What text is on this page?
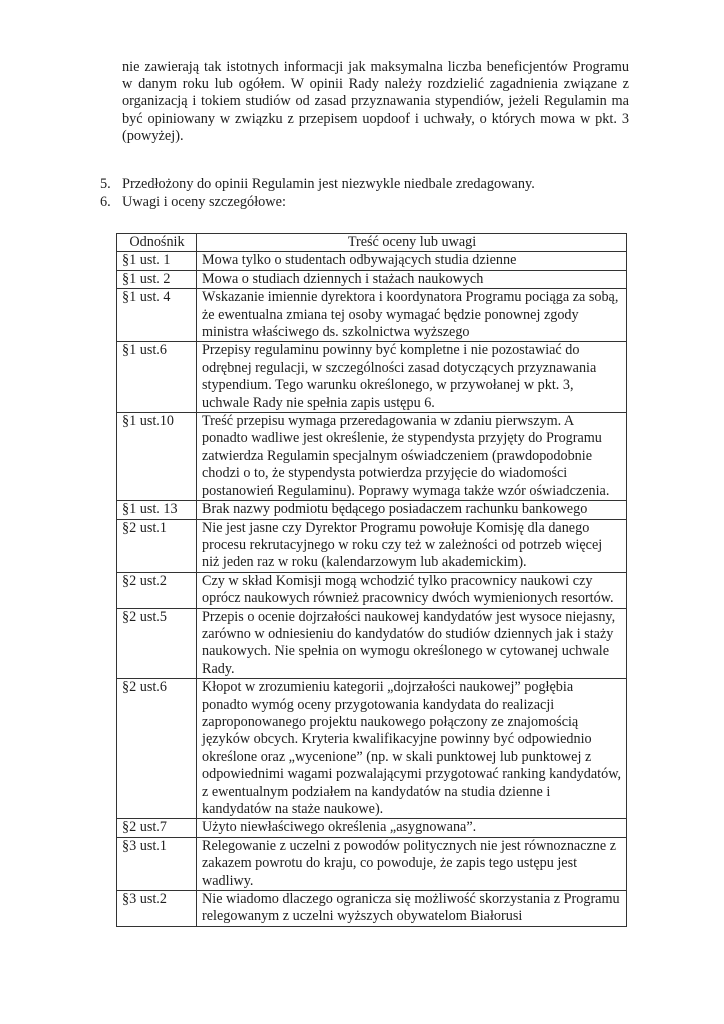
nie zawierają tak istotnych informacji jak maksymalna liczba beneficjentów Programu w danym roku lub ogółem. W opinii Rady należy rozdzielić zagadnienia związane z organizacją i tokiem studiów od zasad przyznawania stypendiów, jeżeli Regulamin ma być opiniowany w związku z przepisem uopdoof i uchwały, o których mowa w pkt. 3 (powyżej).

5. Przedłożony do opinii Regulamin jest niezwykle niedbale zredagowany.
6. Uwagi i oceny szczegółowe:
Odnośnik	Treść oceny lub uwagi
§1 ust. 1	Mowa tylko o studentach odbywających studia dzienne
§1 ust. 2	Mowa o studiach dziennych i stażach naukowych
§1 ust. 4	Wskazanie imiennie dyrektora i koordynatora Programu pociąga za sobą, że ewentualna zmiana tej osoby wymagać będzie ponownej zgody ministra właściwego ds. szkolnictwa wyższego
§1 ust.6	Przepisy regulaminu powinny być kompletne i nie pozostawiać do odrębnej regulacji, w szczególności zasad dotyczących przyznawania stypendium. Tego warunku określonego, w przywołanej w pkt. 3, uchwale Rady nie spełnia zapis ustępu 6.
§1 ust.10	Treść przepisu wymaga przeredagowania w zdaniu pierwszym. A ponadto wadliwe jest określenie, że stypendysta przyjęty do Programu zatwierdza Regulamin specjalnym oświadczeniem (prawdopodobnie chodzi o to, że stypendysta potwierdza przyjęcie do wiadomości postanowień Regulaminu). Poprawy wymaga także wzór oświadczenia.
§1 ust. 13	Brak nazwy podmiotu będącego posiadaczem rachunku bankowego
§2 ust.1	Nie jest jasne czy Dyrektor Programu powołuje Komisję dla danego procesu rekrutacyjnego w roku czy też w zależności od potrzeb więcej niż jeden raz w roku (kalendarzowym lub akademickim).
§2 ust.2	Czy w skład Komisji mogą wchodzić tylko pracownicy naukowi czy oprócz naukowych również pracownicy dwóch wymienionych resortów.
§2 ust.5	Przepis o ocenie dojrzałości naukowej kandydatów jest wysoce niejasny, zarówno w odniesieniu do kandydatów do studiów dziennych jak i staży naukowych. Nie spełnia on wymogu określonego w cytowanej uchwale Rady.
§2 ust.6	Kłopot w zrozumieniu kategorii „dojrzałości naukowej” pogłębia ponadto wymóg oceny przygotowania kandydata do realizacji zaproponowanego projektu naukowego połączony ze znajomością języków obcych. Kryteria kwalifikacyjne powinny być odpowiednio określone oraz „wycenione” (np. w skali punktowej lub punktowej z odpowiednimi wagami pozwalającymi przygotować ranking kandydatów, z ewentualnym podziałem na kandydatów na studia dzienne i kandydatów na staże naukowe).
§2 ust.7	Użyto niewłaściwego określenia „asygnowana”.
§3 ust.1	Relegowanie z uczelni z powodów politycznych nie jest równoznaczne z zakazem powrotu do kraju, co powoduje, że zapis tego ustępu jest wadliwy.
§3 ust.2	Nie wiadomo dlaczego ogranicza się możliwość skorzystania z Programu relegowanym z uczelni wyższych obywatelom Białorusi
